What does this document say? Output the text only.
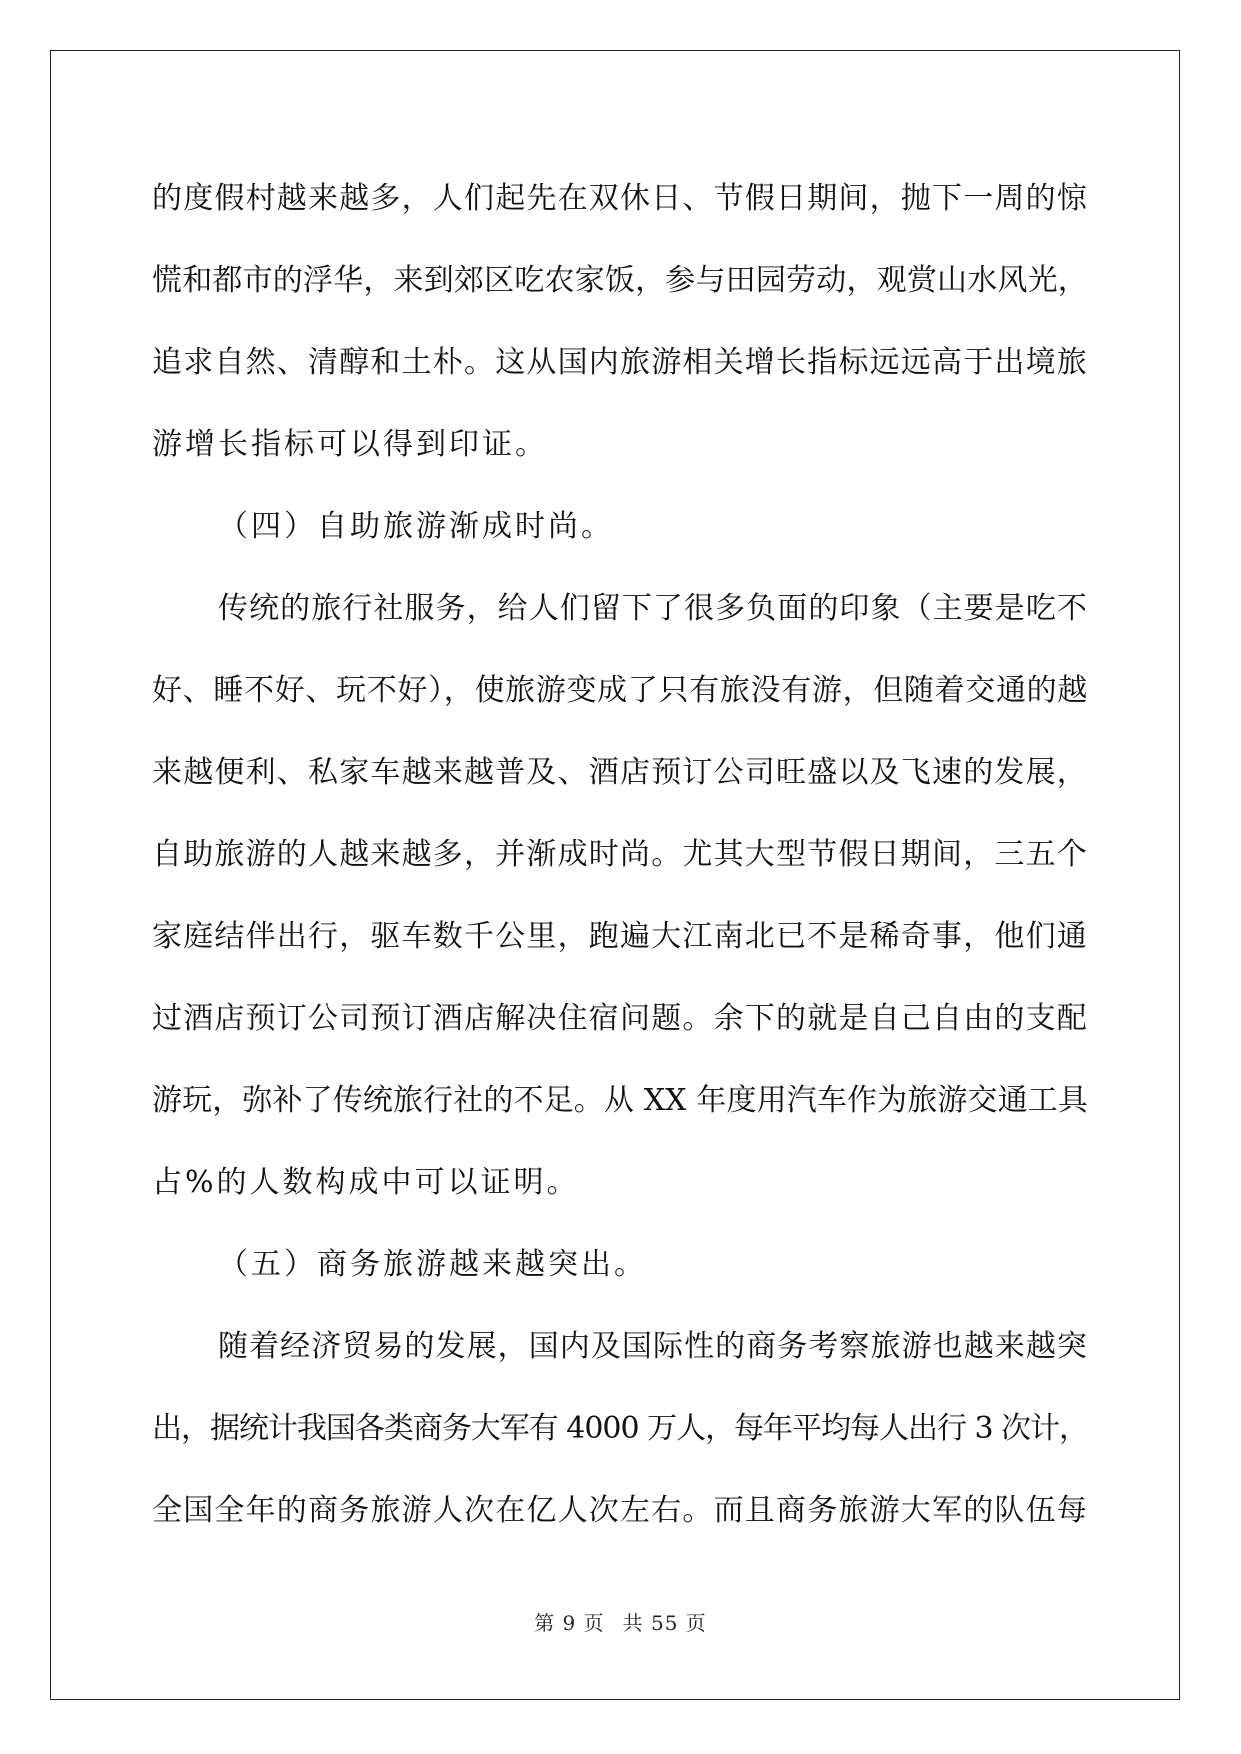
的度假村越来越多，人们起先在双休日、节假日期间，抛下一周的惊
慌和都市的浮华，来到郊区吃农家饭，参与田园劳动，观赏山水风光，
追求自然、清醇和土朴。这从国内旅游相关增长指标远远高于出境旅
游增长指标可以得到印证。

（四）自助旅游渐成时尚。

传统的旅行社服务，给人们留下了很多负面的印象（主要是吃不
好、睡不好、玩不好），使旅游变成了只有旅没有游，但随着交通的越
来越便利、私家车越来越普及、酒店预订公司旺盛以及飞速的发展，
自助旅游的人越来越多，并渐成时尚。尤其大型节假日期间，三五个
家庭结伴出行，驱车数千公里，跑遍大江南北已不是稀奇事，他们通
过酒店预订公司预订酒店解决住宿问题。余下的就是自己自由的支配
游玩，弥补了传统旅行社的不足。从 XX 年度用汽车作为旅游交通工具
占%的人数构成中可以证明。

（五）商务旅游越来越突出。

随着经济贸易的发展，国内及国际性的商务考察旅游也越来越突
出，据统计我国各类商务大军有 4000 万人，每年平均每人出行 3 次计，
全国全年的商务旅游人次在亿人次左右。而且商务旅游大军的队伍每

第 9 页 共 55 页
